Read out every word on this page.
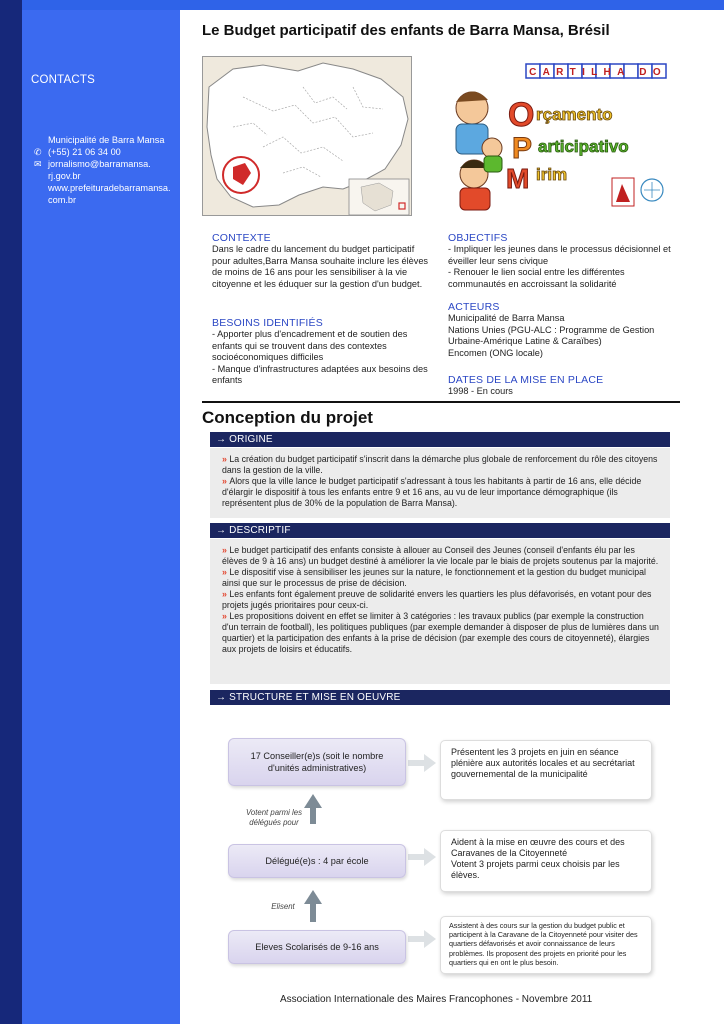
CONTACTS
Municipalité de Barra Mansa
✆ (+55) 21 06 34 00
✉ jornalismo@barramansa.
rj.gov.br
www.prefeituradebarramansa.
com.br
Le Budget participatif des enfants de Barra Mansa, Brésil
CARTILHA DO
O rçamento
P articipativo
M irim
CONTEXTE
Dans le cadre du lancement du budget participatif pour adultes,Barra Mansa souhaite inclure les élèves de moins de 16 ans pour les sensibiliser à la vie citoyenne et les éduquer sur la gestion d'un budget.
BESOINS IDENTIFIÉS
- Apporter plus d'encadrement et de soutien des enfants qui se trouvent dans des contextes socioéconomiques difficiles
- Manque d'infrastructures adaptées aux besoins des enfants
OBJECTIFS
- Impliquer les jeunes dans le processus décisionnel et éveiller leur sens civique
- Renouer le lien social entre les différentes communautés en accroissant la solidarité
ACTEURS
Municipalité de Barra Mansa
Nations Unies (PGU-ALC : Programme de Gestion Urbaine-Amérique Latine & Caraïbes)
Encomen (ONG locale)
DATES DE LA MISE EN PLACE
1998 - En cours
Conception du projet
→ ORIGINE

» La création du budget participatif s'inscrit dans la démarche plus globale de renforcement du rôle des citoyens dans la gestion de la ville.

» Alors que la ville lance le budget participatif s'adressant à tous les habitants à partir de 16 ans, elle décide d'élargir le dispositif à tous les enfants entre 9 et 16 ans, au vu de leur importance démographique (ils représentent plus de 30% de la population de Barra Mansa).

→ DESCRIPTIF

» Le budget participatif des enfants consiste à allouer au Conseil des Jeunes (conseil d'enfants élu par les élèves de 9 à 16 ans) un budget destiné à améliorer la vie locale par le biais de projets soutenus par la majorité.

» Le dispositif vise à sensibiliser les jeunes sur la nature, le fonctionnement et la gestion du budget municipal ainsi que sur le processus de prise de décision.

» Les enfants font également preuve de solidarité envers les quartiers les plus défavorisés, en votant pour des projets jugés prioritaires pour ceux-ci.

» Les propositions doivent en effet se limiter à 3 catégories : les travaux publics (par exemple la construction d'un terrain de football), les politiques publiques (par exemple demander à disposer de plus de lumières dans un quartier) et la participation des enfants à la prise de décision (par exemple des cours de citoyenneté), élargies aux projets de loisirs et éducatifs.

→ STRUCTURE ET MISE EN OEUVRE
17 Conseiller(e)s (soit le nombre d'unités administratives)
Délégué(e)s : 4 par école
Eleves Scolarisés de 9-16 ans
Votent parmi les délégués pour
Elisent
Présentent les 3 projets en juin en séance plénière aux autorités locales et au secrétariat gouvernemental de la municipalité
Aident à la mise en œuvre des cours et des Caravanes de la Citoyenneté
Votent 3 projets parmi ceux choisis par les élèves.
Assistent à des cours sur la gestion du budget public et participent à la Caravane de la Citoyenneté pour visiter des quartiers défavorisés et avoir connaissance de leurs problèmes. Ils proposent des projets en priorité pour les quartiers qui en ont le plus besoin.
Association Internationale des Maires Francophones - Novembre 2011
